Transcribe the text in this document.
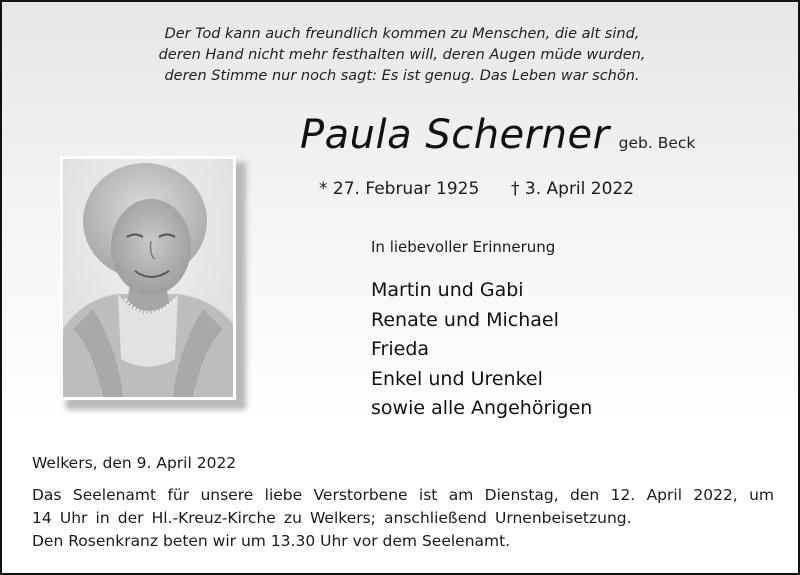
Der Tod kann auch freundlich kommen zu Menschen, die alt sind,
deren Hand nicht mehr festhalten will, deren Augen müde wurden,
deren Stimme nur noch sagt: Es ist genug. Das Leben war schön.
Paula Scherner geb. Beck
* 27. Februar 1925 † 3. April 2022
In liebevoller Erinnerung
Martin und Gabi
Renate und Michael
Frieda
Enkel und Urenkel
sowie alle Angehörigen
Welkers, den 9. April 2022
Das Seelenamt für unsere liebe Verstorbene ist am Dienstag, den 12. April 2022, um
14 Uhr in der Hl.-Kreuz-Kirche zu Welkers; anschließend Urnenbeisetzung.
Den Rosenkranz beten wir um 13.30 Uhr vor dem Seelenamt.
